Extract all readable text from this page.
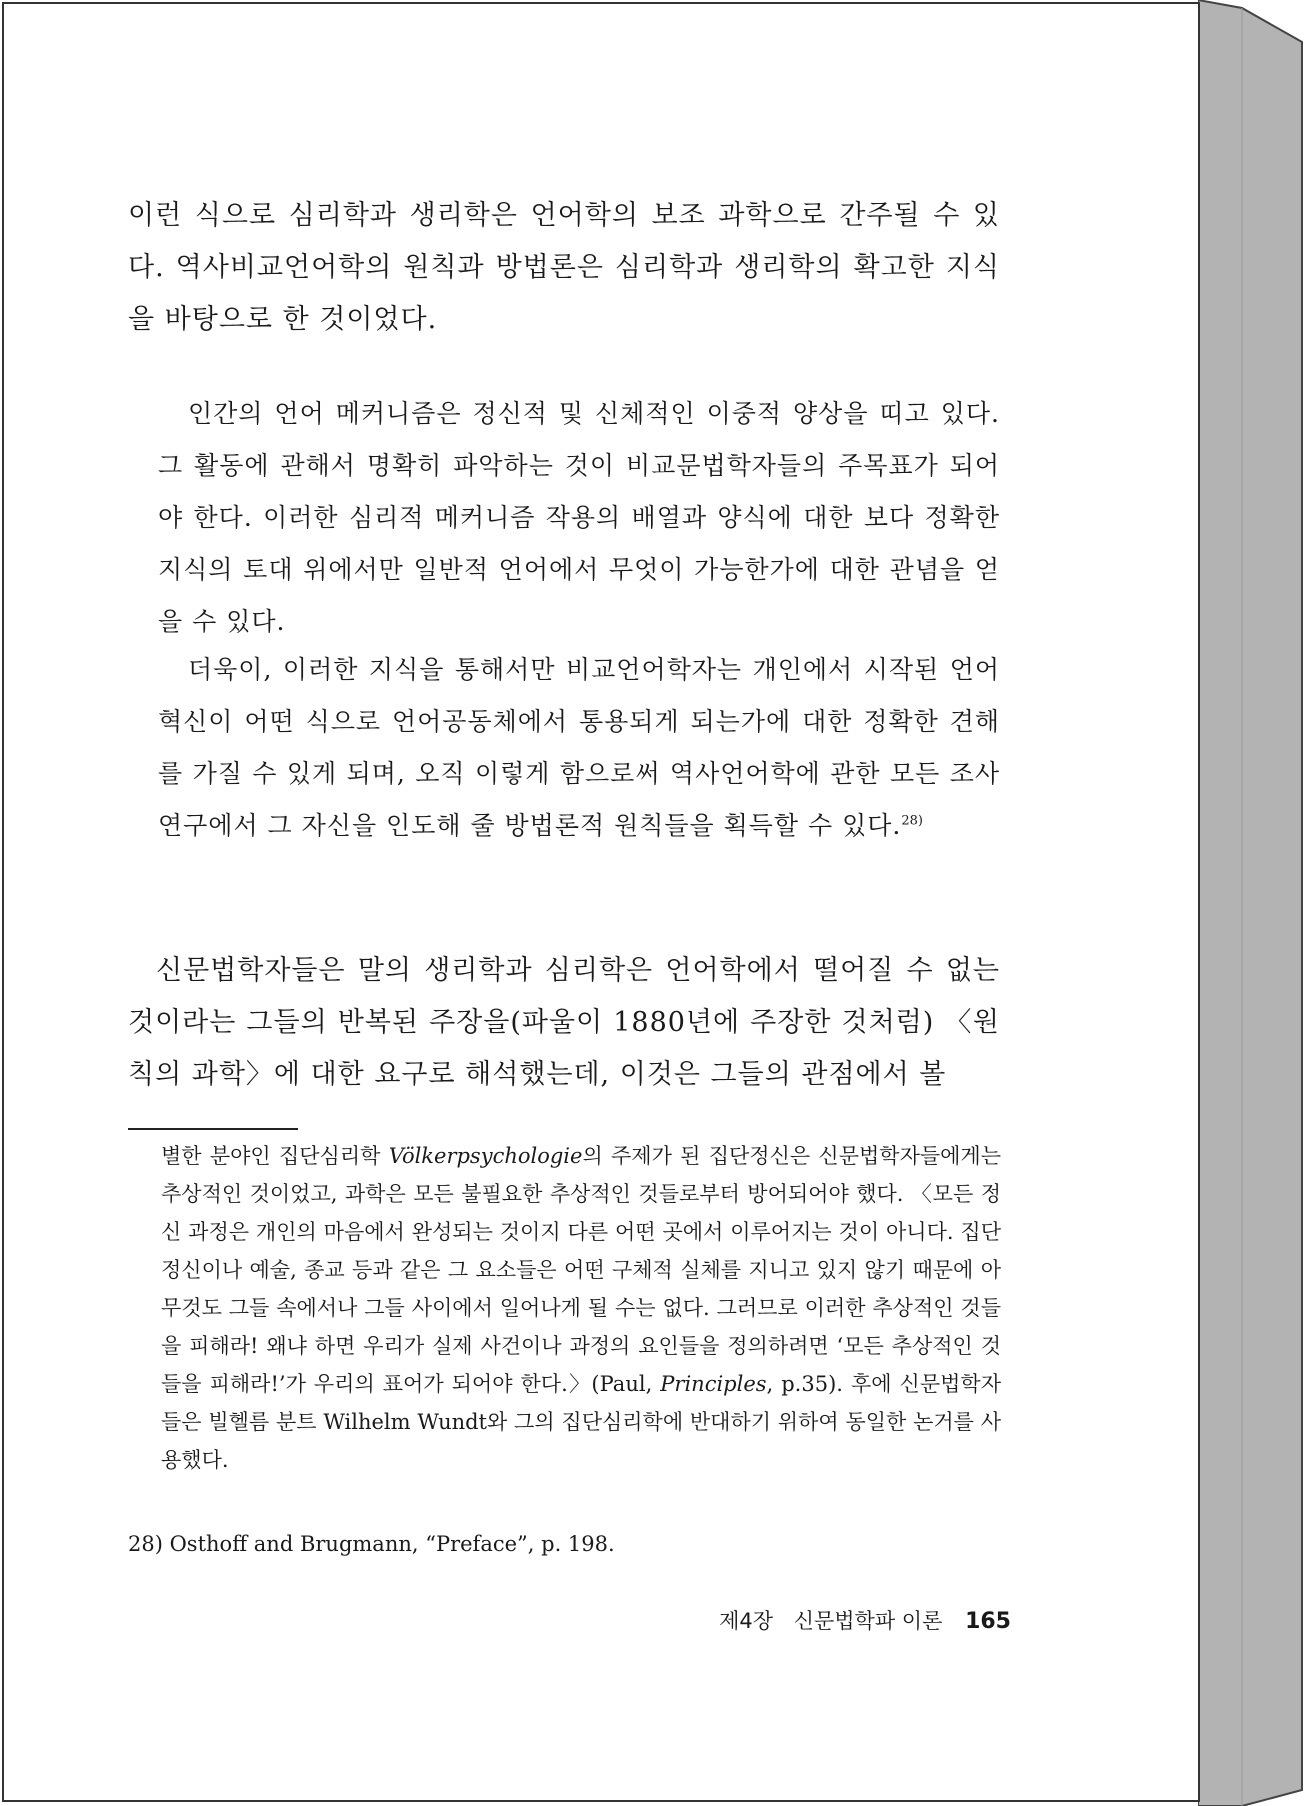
이런 식으로 심리학과 생리학은 언어학의 보조 과학으로 간주될 수 있다. 역사비교언어학의 원칙과 방법론은 심리학과 생리학의 확고한 지식을 바탕으로 한 것이었다.
인간의 언어 메커니즘은 정신적 및 신체적인 이중적 양상을 띠고 있다. 그 활동에 관해서 명확히 파악하는 것이 비교문법학자들의 주목표가 되어야 한다. 이러한 심리적 메커니즘 작용의 배열과 양식에 대한 보다 정확한 지식의 토대 위에서만 일반적 언어에서 무엇이 가능한가에 대한 관념을 얻을 수 있다.
더욱이, 이러한 지식을 통해서만 비교언어학자는 개인에서 시작된 언어 혁신이 어떤 식으로 언어공동체에서 통용되게 되는가에 대한 정확한 견해를 가질 수 있게 되며, 오직 이렇게 함으로써 역사언어학에 관한 모든 조사 연구에서 그 자신을 인도해 줄 방법론적 원칙들을 획득할 수 있다.$^{28)}$
신문법학자들은 말의 생리학과 심리학은 언어학에서 떨어질 수 없는 것이라는 그들의 반복된 주장을(파울이 1880년에 주장한 것처럼) 〈원칙의 과학〉에 대한 요구로 해석했는데, 이것은 그들의 관점에서 볼
별한 분야인 집단심리학 Völkerpsychologie의 주제가 된 집단정신은 신문법학자들에게는 추상적인 것이었고, 과학은 모든 불필요한 추상적인 것들로부터 방어되어야 했다. 〈모든 정신 과정은 개인의 마음에서 완성되는 것이지 다른 어떤 곳에서 이루어지는 것이 아니다. 집단정신이나 예술, 종교 등과 같은 그 요소들은 어떤 구체적 실체를 지니고 있지 않기 때문에 아무것도 그들 속에서나 그들 사이에서 일어나게 될 수는 없다. 그러므로 이러한 추상적인 것들을 피해라! 왜냐 하면 우리가 실제 사건이나 과정의 요인들을 정의하려면 ‘모든 추상적인 것들을 피해라!’가 우리의 표어가 되어야 한다.〉(Paul, Principles, p.35). 후에 신문법학자들은 빌헬름 분트 Wilhelm Wundt와 그의 집단심리학에 반대하기 위하여 동일한 논거를 사용했다.
28) Osthoff and Brugmann, “Preface”, p. 198.
제4장 신문법학파 이론 165
